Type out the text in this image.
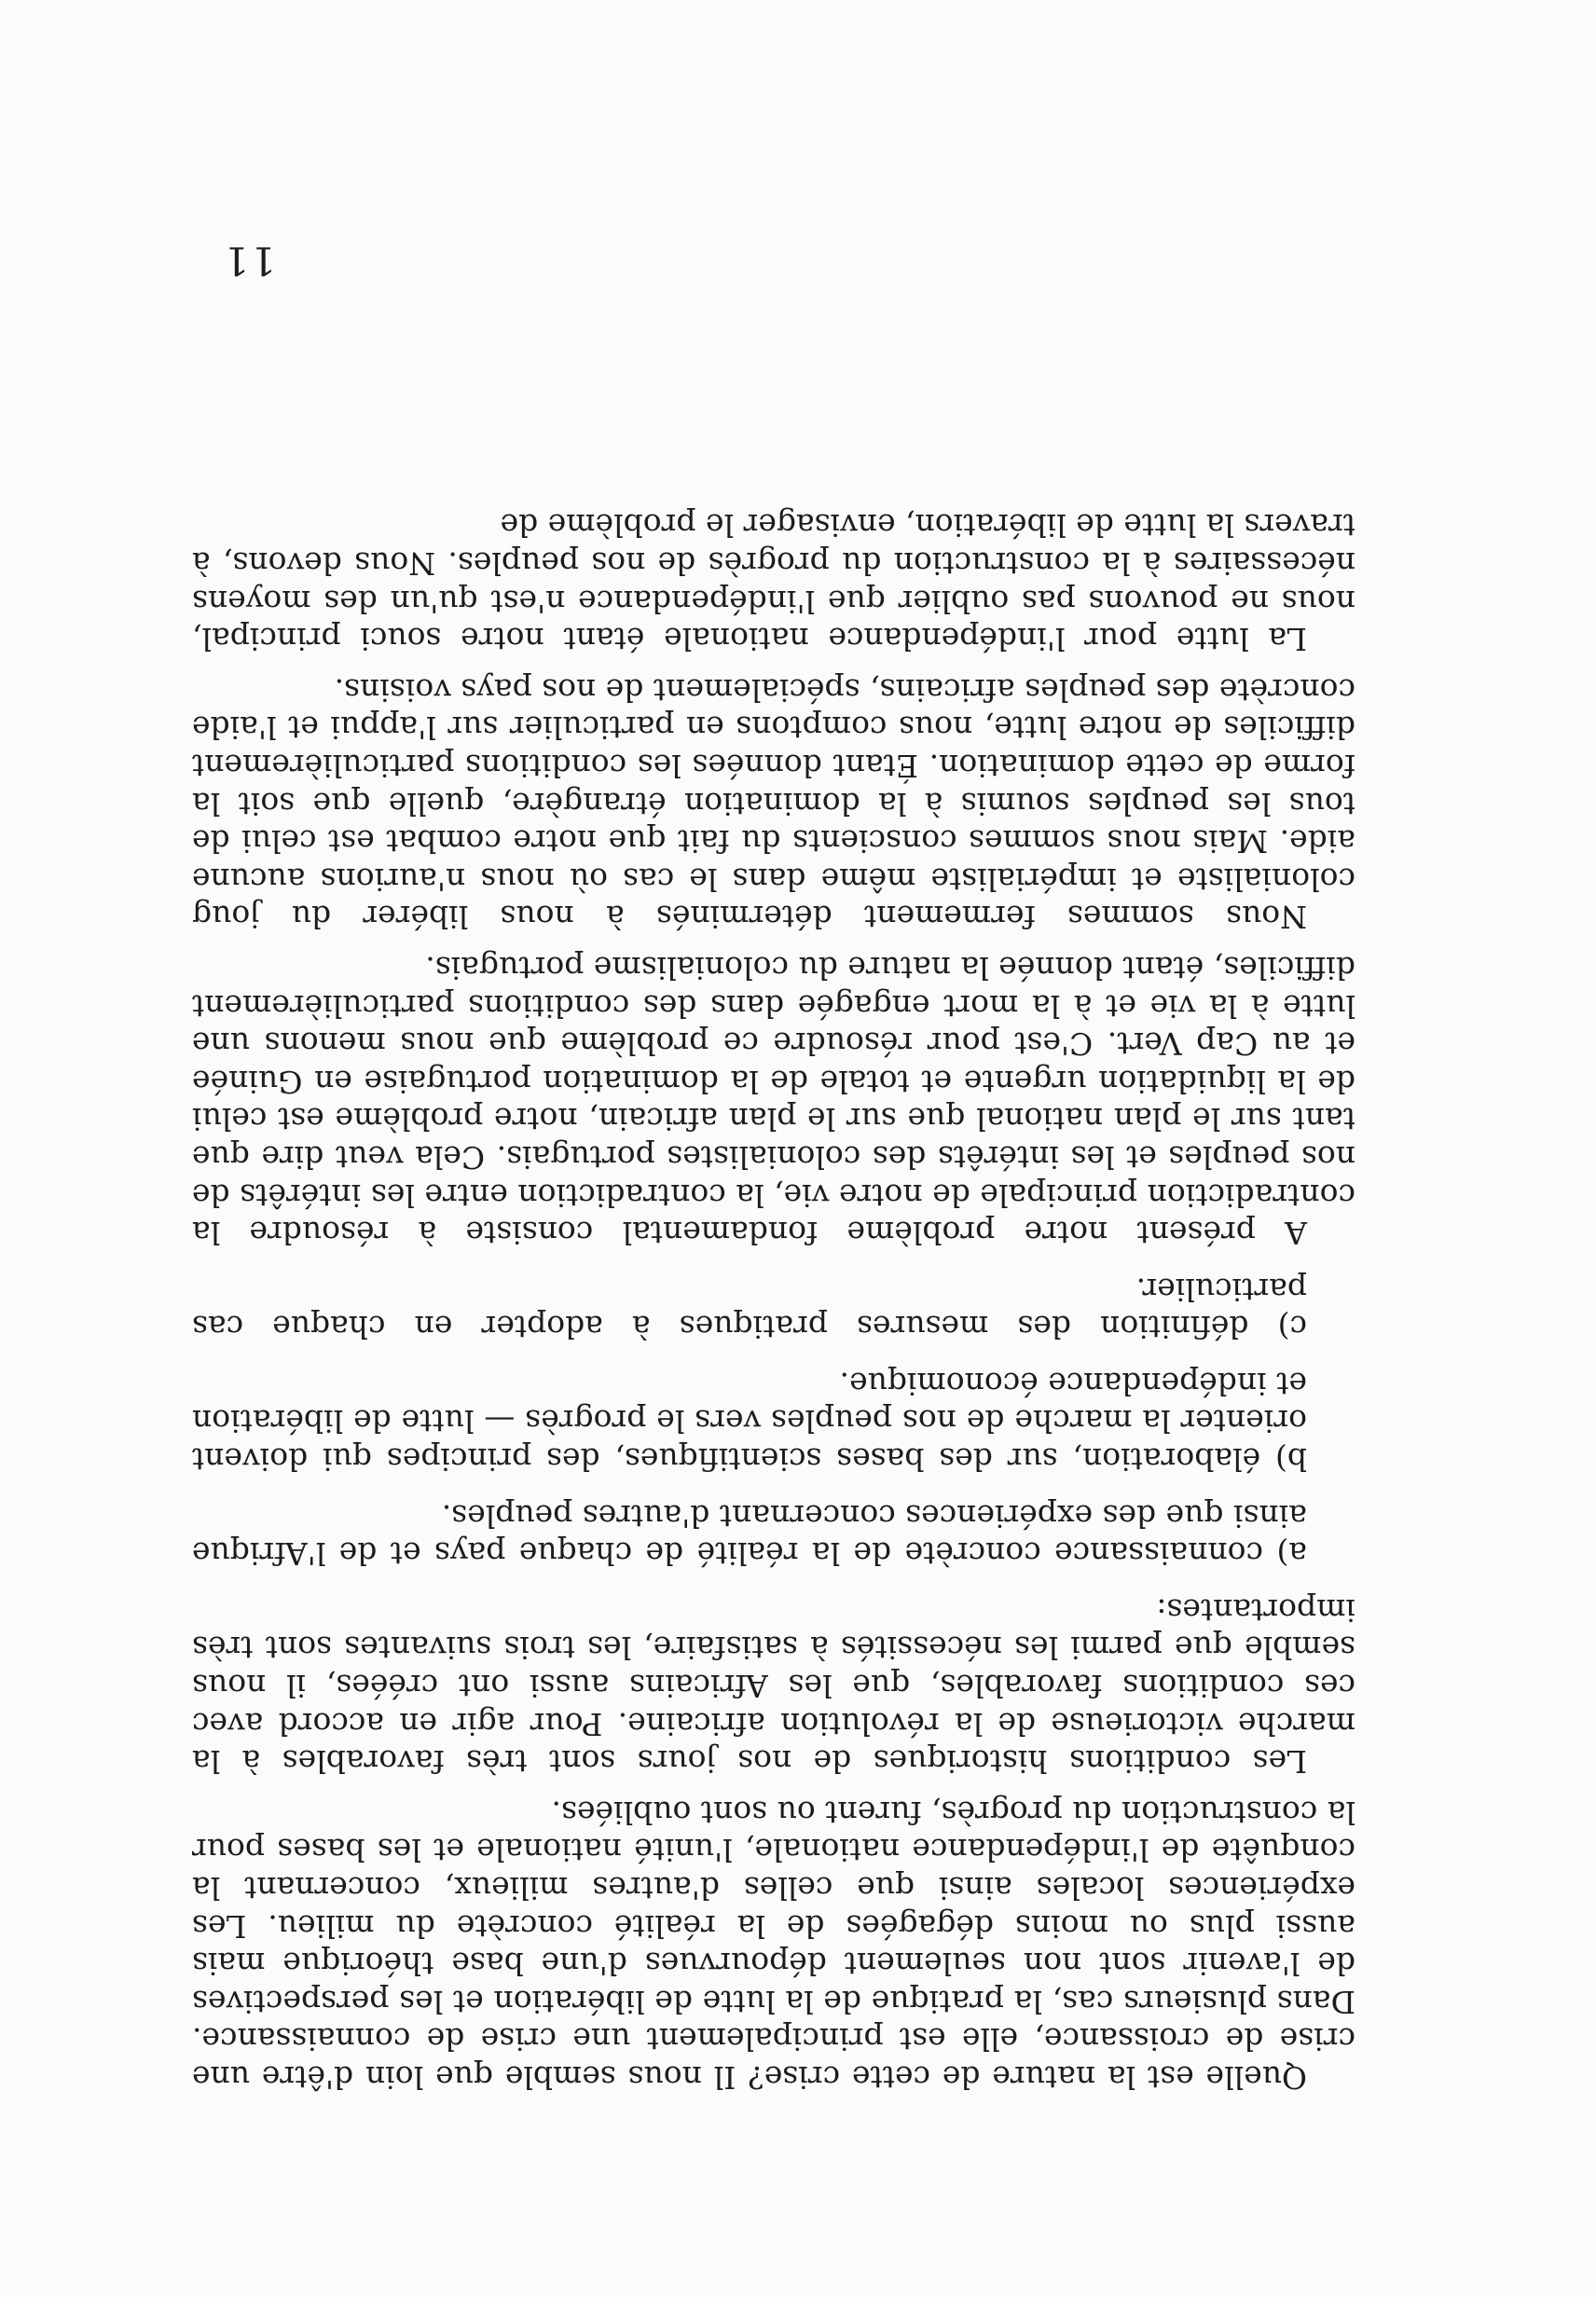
Quelle est la nature de cette crise? Il nous semble que loin d'être une crise de croissance, elle est principalement une crise de connaissance. Dans plusieurs cas, la pratique de la lutte de libération et les perspectives de l'avenir sont non seulement dépourvues d'une base théorique mais aussi plus ou moins dégagées de la réalité concrète du milieu. Les expériences locales ainsi que celles d'autres milieux, concernant la conquête de l'indépendance nationale, l'unité nationale et les bases pour la construction du progrès, furent ou sont oubliées.

Les conditions historiques de nos jours sont très favorables à la marche victorieuse de la révolution africaine. Pour agir en accord avec ces conditions favorables, que les Africains aussi ont créées, il nous semble que parmi les nécessités à satisfaire, les trois suivantes sont très importantes:

a) connaissance concrète de la réalité de chaque pays et de l'Afrique ainsi que des expériences concernant d'autres peuples.

b) élaboration, sur des bases scientifiques, des principes qui doivent orienter la marche de nos peuples vers le progrès — lutte de libération et indépendance économique.

c) définition des mesures pratiques à adopter en chaque cas particulier.

A présent notre problème fondamental consiste à résoudre la contradiction principale de notre vie, la contradiction entre les intérêts de nos peuples et les intérêts des colonialistes portugais. Cela veut dire que tant sur le plan national que sur le plan africain, notre problème est celui de la liquidation urgente et totale de la domination portugaise en Guinée et au Cap Vert. C'est pour résoudre ce problème que nous menons une lutte à la vie et à la mort engagée dans des conditions particulièrement difficiles, étant donnée la nature du colonialisme portugais.

Nous sommes fermement déterminés à nous libérer du joug colonialiste et impérialiste même dans le cas où nous n'aurions aucune aide. Mais nous sommes conscients du fait que notre combat est celui de tous les peuples soumis à la domination étrangère, quelle que soit la forme de cette domination. Étant données les conditions particulièrement difficiles de notre lutte, nous comptons en particulier sur l'appui et l'aide concrète des peuples africains, spécialement de nos pays voisins.

La lutte pour l'indépendance nationale étant notre souci principal, nous ne pouvons pas oublier que l'indépendance n'est qu'un des moyens nécessaires à la construction du progrès de nos peuples. Nous devons, à travers la lutte de libération, envisager le problème de

11
